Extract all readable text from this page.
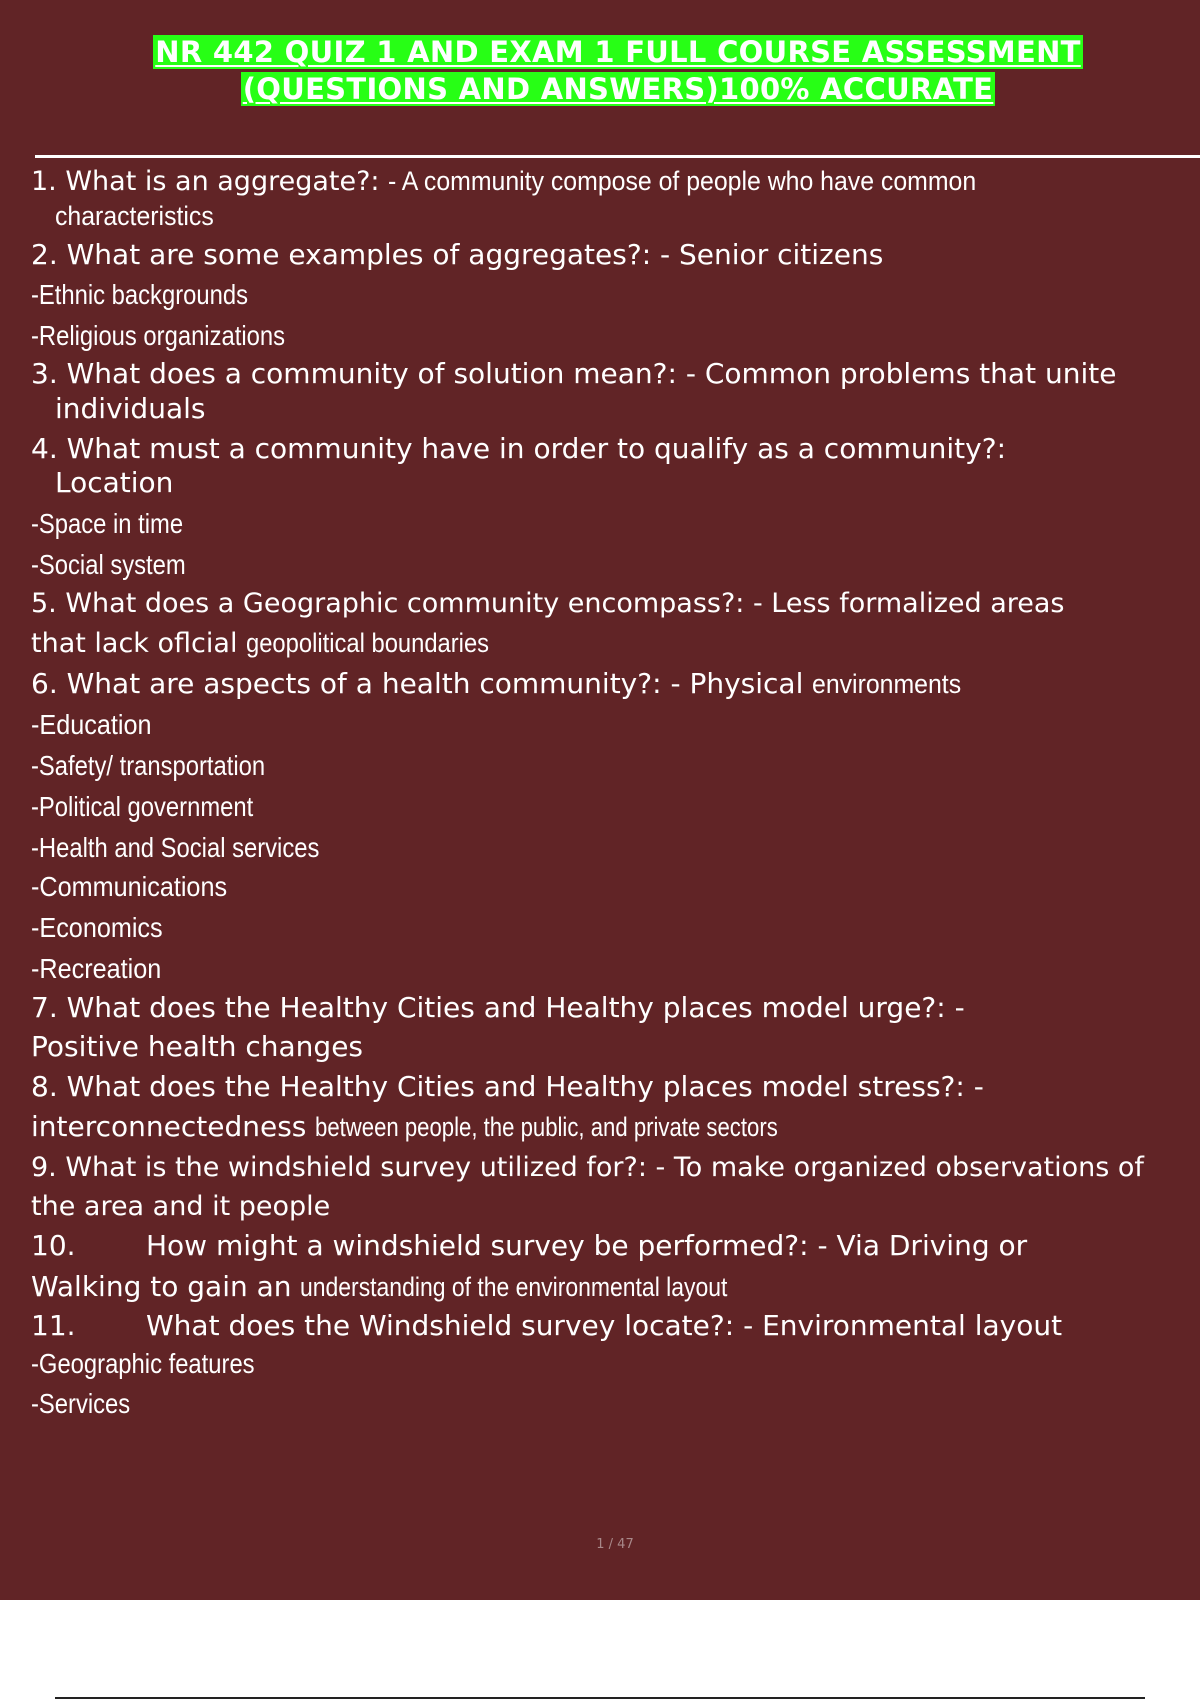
NR 442 QUIZ 1 AND EXAM 1 FULL COURSE ASSESSMENT
(QUESTIONS AND ANSWERS)100% ACCURATE
1. What is an aggregate?: - A community compose of people who have common
characteristics
2. What are some examples of aggregates?: - Senior citizens
-Ethnic backgrounds
-Religious organizations
3. What does a community of solution mean?: - Common problems that unite
individuals
4. What must a community have in order to qualify as a community?:
Location
-Space in time
-Social system
5. What does a Geographic community encompass?: - Less formalized areas
that lack oflcial geopolitical boundaries
6. What are aspects of a health community?: - Physical environments
-Education
-Safety/ transportation
-Political government
-Health and Social services
-Communications
-Economics
-Recreation
7. What does the Healthy Cities and Healthy places model urge?: -
Positive health changes
8. What does the Healthy Cities and Healthy places model stress?: -
interconnectedness between people, the public, and private sectors
9. What is the windshield survey utilized for?: - To make organized observations of
the area and it people
10.	How might a windshield survey be performed?: - Via Driving or
Walking to gain an understanding of the environmental layout
11.	What does the Windshield survey locate?: - Environmental layout
-Geographic features
-Services
1 / 47
